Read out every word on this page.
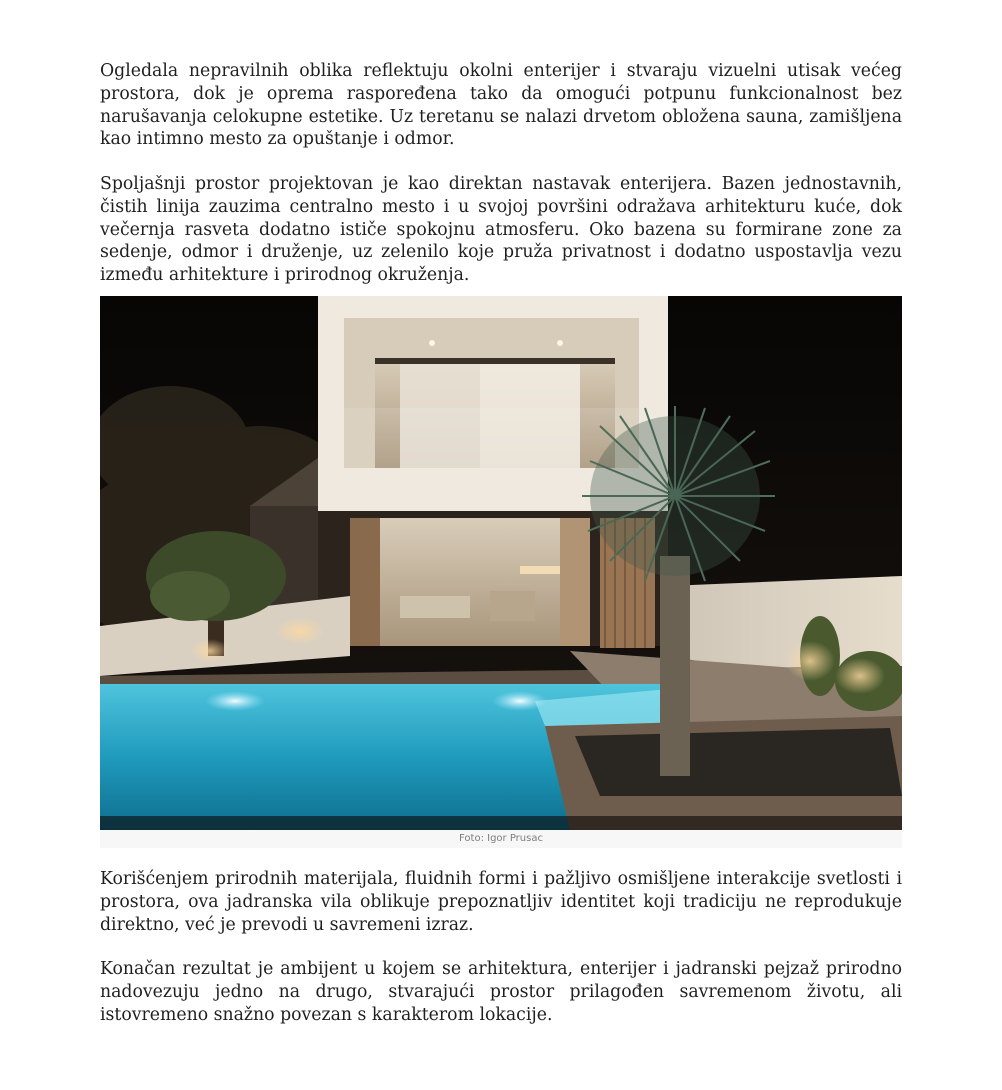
Ogledala nepravilnih oblika reflektuju okolni enterijer i stvaraju vizuelni utisak većeg prostora, dok je oprema raspoređena tako da omogući potpunu funkcionalnost bez narušavanja celokupne estetike. Uz teretanu se nalazi drvetom obložena sauna, zamišljena kao intimno mesto za opuštanje i odmor.

Spoljašnji prostor projektovan je kao direktan nastavak enterijera. Bazen jednostavnih, čistih linija zauzima centralno mesto i u svojoj površini odražava arhitekturu kuće, dok večernja rasveta dodatno ističe spokojnu atmosferu. Oko bazena su formirane zone za sedenje, odmor i druženje, uz zelenilo koje pruža privatnost i dodatno uspostavlja vezu između arhitekture i prirodnog okruženja.

Foto: Igor Prusac

Korišćenjem prirodnih materijala, fluidnih formi i pažljivo osmišljene interakcije svetlosti i prostora, ova jadranska vila oblikuje prepoznatljiv identitet koji tradiciju ne reprodukuje direktno, već je prevodi u savremeni izraz.

Konačan rezultat je ambijent u kojem se arhitektura, enterijer i jadranski pejzaž prirodno nadovezuju jedno na drugo, stvarajući prostor prilagođen savremenom životu, ali istovremeno snažno povezan s karakterom lokacije.
